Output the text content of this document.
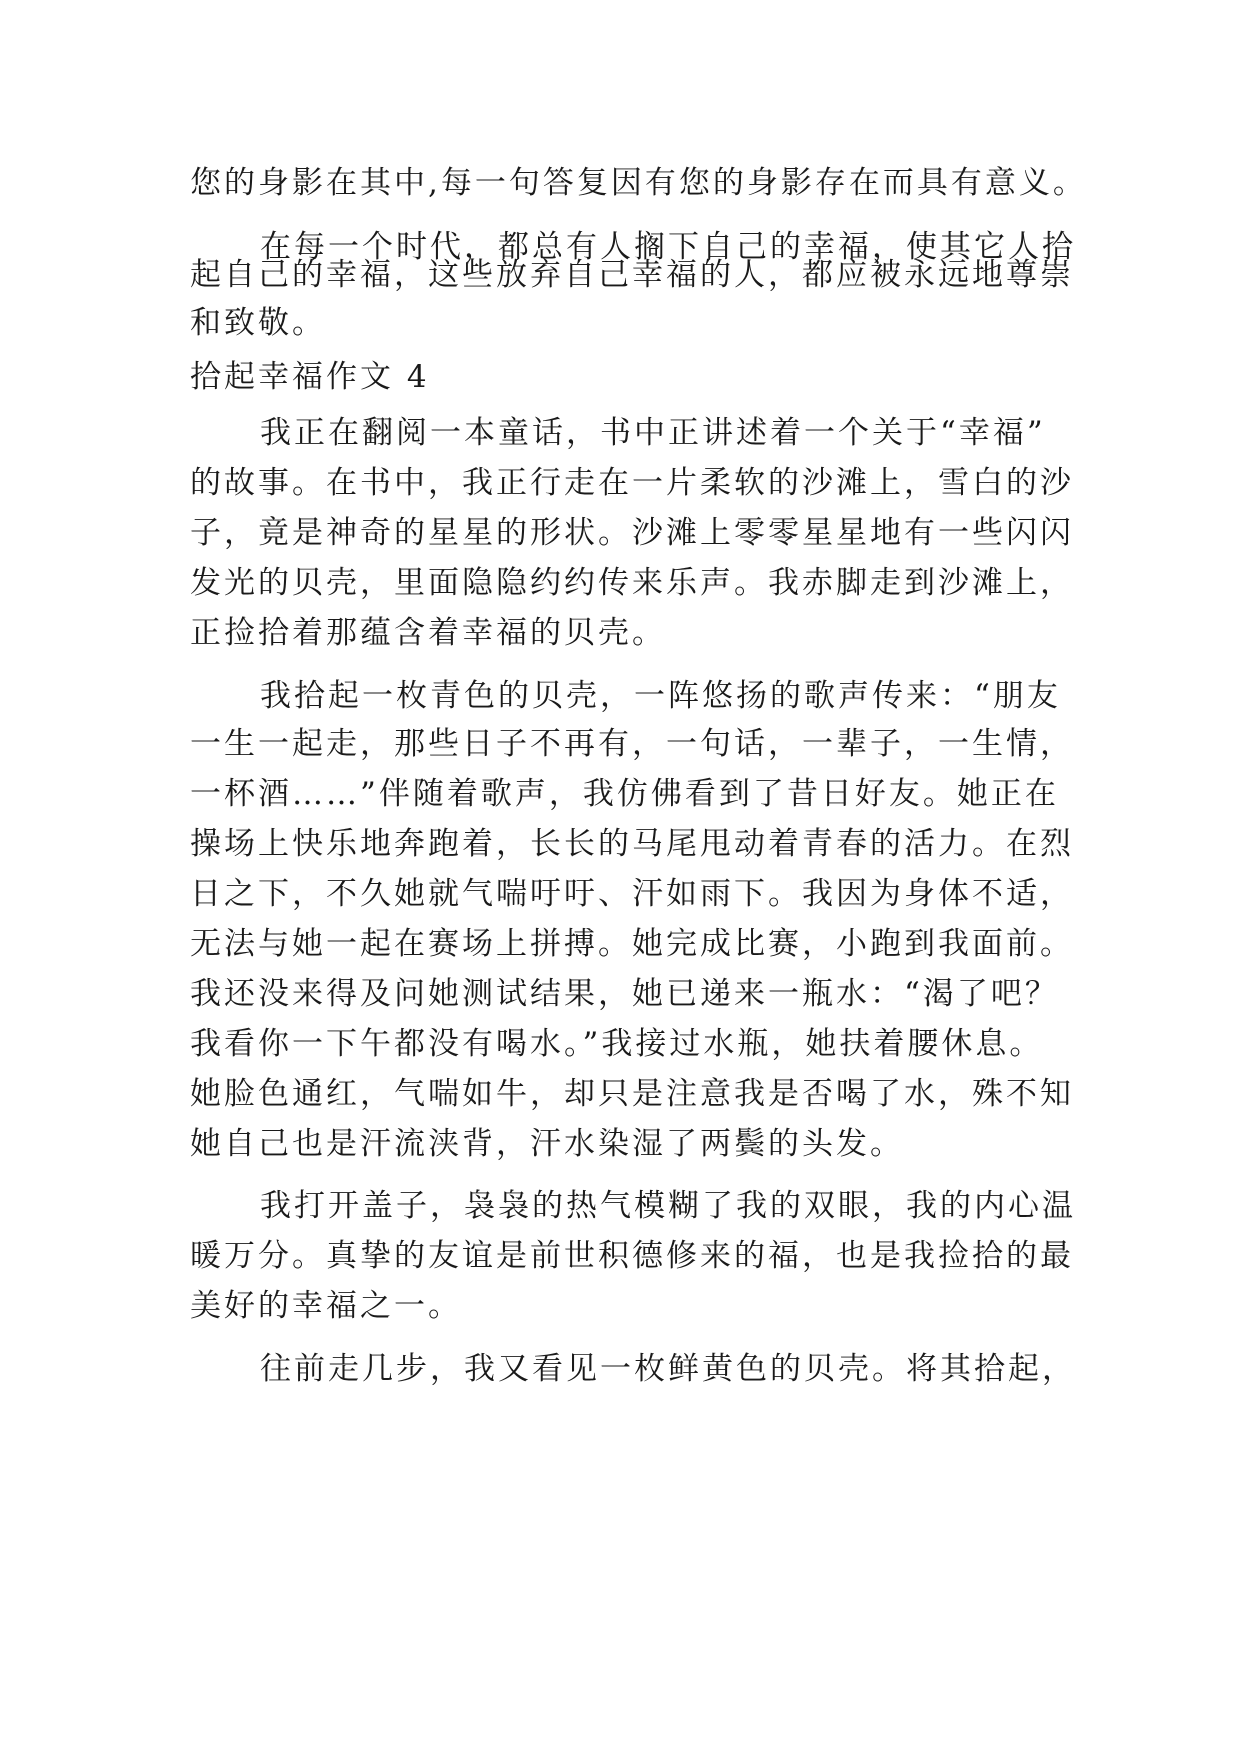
您的身影在其中,每一句答复因有您的身影存在而具有意义。
在每一个时代，都总有人搁下自己的幸福，使其它人拾
起自己的幸福，这些放弃自己幸福的人，都应被永远地尊崇
和致敬。
拾起幸福作文 4
我正在翻阅一本童话，书中正讲述着一个关于“幸福”
的故事。在书中，我正行走在一片柔软的沙滩上，雪白的沙
子，竟是神奇的星星的形状。沙滩上零零星星地有一些闪闪
发光的贝壳，里面隐隐约约传来乐声。我赤脚走到沙滩上，
正捡拾着那蕴含着幸福的贝壳。
我拾起一枚青色的贝壳，一阵悠扬的歌声传来：“朋友
一生一起走，那些日子不再有，一句话，一辈子，一生情，
一杯酒……”伴随着歌声，我仿佛看到了昔日好友。她正在
操场上快乐地奔跑着，长长的马尾甩动着青春的活力。在烈
日之下，不久她就气喘吁吁、汗如雨下。我因为身体不适，
无法与她一起在赛场上拼搏。她完成比赛，小跑到我面前。
我还没来得及问她测试结果，她已递来一瓶水：“渴了吧？
我看你一下午都没有喝水。”我接过水瓶，她扶着腰休息。
她脸色通红，气喘如牛，却只是注意我是否喝了水，殊不知
她自己也是汗流浃背，汗水染湿了两鬓的头发。
我打开盖子，袅袅的热气模糊了我的双眼，我的内心温
暖万分。真挚的友谊是前世积德修来的福，也是我捡拾的最
美好的幸福之一。
往前走几步，我又看见一枚鲜黄色的贝壳。将其拾起，
